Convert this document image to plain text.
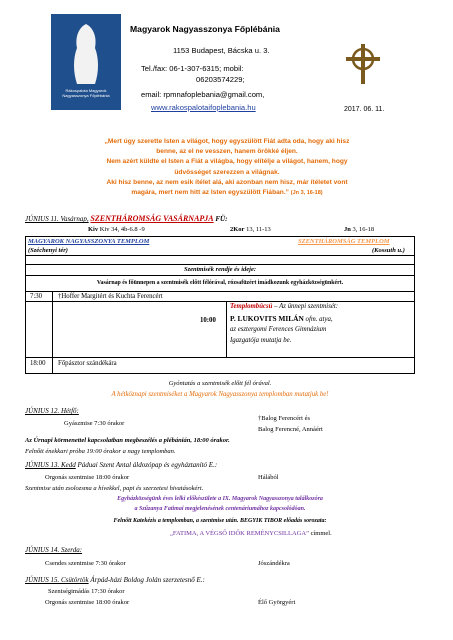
Rákospalota Magyarok Nagyasszonya Főplébánia
Magyarok Nagyasszonya Főplébánia
1153 Budapest, Bácska u. 3.
Tel./fax: 06-1-307-6315; mobil:
06203574229;
email: rpmnafoplebania@gmail.com,
www.rakospalotaifoplebania.hu	2017. 06. 11.
„Mert úgy szerette Isten a világot, hogy egyszülött Fiát adta oda, hogy aki hisz
benne, az el ne vesszen, hanem örökké éljen.
Nem azért küldte el Isten a Fiát a világba, hogy elítélje a világot, hanem, hogy
üdvösséget szerezzen a világnak.
Aki hisz benne, az nem esik ítélet alá, aki azonban nem hisz, már ítéletet vont
magára, mert nem hitt az Isten egyszülött Fiában.” (Jn 3, 16-18)
JÚNIUS 11. Vasárnap, SZENTHÁROMSÁG VASÁRNAPJA FÜ:
Kiv Kiv 34, 4b-6.8 -9	2Kor 13, 11-13	Jn 3, 16-18
MAGYAROK NAGYASSZONYA TEMPLOM	SZENTHÁROMSÁG TEMPLOM
(Széchenyi tér)	(Kossuth u.)
Szentmisék rendje és ideje:
Vasárnap és főünnepen a szentmisék előtt félórával, rózsafüzért imádkozunk egyházközségünkért.
7:30 †Hoffer Margitért és Kuchta Ferencért
10:00
Templombúcsú – Az ünnepi szentmisét:
P. LUKOVITS MILÁN ofm. atya,
az esztergomi Ferences Gimnázium
Igazgatója mutatja be.
18:00 Főpásztor szándékára
Gyóntatás a szentmisék előtt fél órával.
A hétköznapi szentmiséket a Magyarok Nagyasszonya templomban mutatjuk be!
JÚNIUS 12. Hétfő:
Gyászmise 7:30 órakor
†Balog Ferencért és
Balog Ferencné, Annáért
Az Úrnapi körmenettel kapcsolatban megbeszélés a plébánián, 18:00 órakor.
Felnőtt énekkari próba 19:00 órakor a nagy templomban.
JÚNIUS 13. Kedd Páduai Szent Antal áldozópap és egyháztanító E.:
Orgonás szentmise 18:00 órakor	Hálából
Szentmise után zsolozsma a hívekkel, papi és szerzetesi hivatásokért.
Egyházközségünk éves lelki előkészülete a IX. Magyarok Nagyasszonya találkozóra
a Szűzanya Fatimai megjelenésének centenáriumához kapcsolódóan.
Felnőtt Katekézis a templomban, a szentmise után. BEGYIK TIBOR előadás sorozata:
„FATIMA, A VÉGSŐ IDŐK REMÉNYCSILLAGA” címmel.
JÚNIUS 14. Szerda:
Csendes szentmise 7:30 órakor	Jószándékra
JÚNIUS 15. Csütörtök Árpád-házi Boldog Jolán szerzetesnő E.:
Szentségimádás 17:30 órakor
Orgonás szentmise 18:00 órakor	Élő Györgyért
